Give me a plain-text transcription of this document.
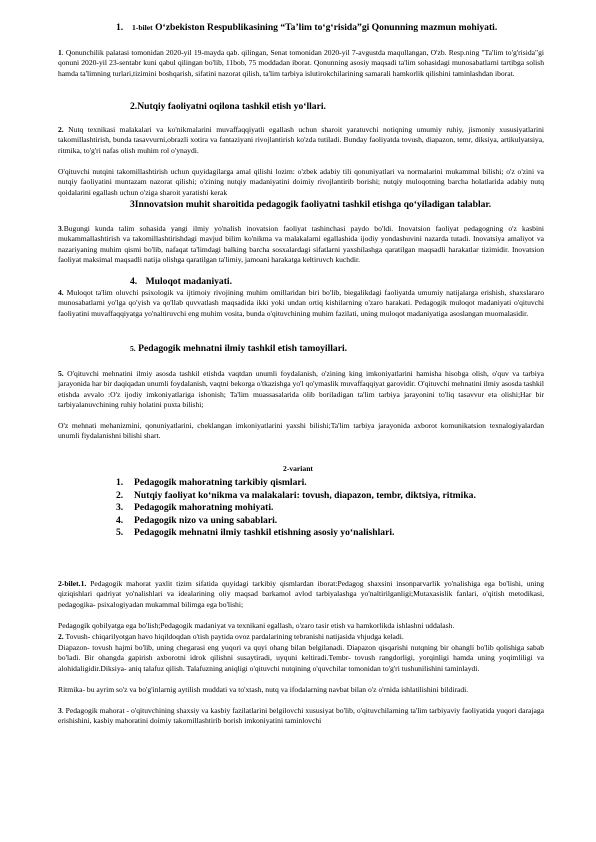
1.	1-bilet O‘zbekiston Respublikasining “Ta’lim to‘g‘risida”gi Qonunning mazmun mohiyati.

1. Qonunchilik palatasi tomonidan 2020-yil 19-mayda qab. qilingan, Senat tomonidan 2020-yil 7-avgustda maqullangan, O'zb. Resp.ning "Ta'lim to'g'risida"gi qonuni 2020-yil 23-sentabr kuni qabul qilingan bo'lib, 11bob, 75 moddadan iborat. Qonunning asosiy maqsadi ta'lim sohasidagi munosabatlarni tartibga solish hamda ta'limning turlari,tizimini boshqarish, sifatini nazorat qilish, ta'lim tarbiya islutirokchilarining samarali hamkorlik qilishini taminlashdan iborat.

2.Nutqiy faoliyatni oqilona tashkil etish yo‘llari.

2. Nutq texnikasi malakalari va ko'nikmalarini muvaffaqqiyatli egallash uchun sharoit yaratuvchi notiqning umumiy ruhiy, jismoniy xususiyatlarini takomillashtirish, bunda tasavvurni,obrazli xotira va fantaziyani rivojlantirish ko'zda tutiladi. Bunday faoliyatda tovush, diapazon, temr, diksiya, artikulyatsiya, ritmika, to'g'ri nafas olish muhim rol o'ynaydi.

O'qituvchi nutqini takomillashtirish uchun quyidagilarga amal qilishi lozim: o'zbek adabiy tili qonuniyatlari va normalarini mukammal bilishi; o'z o'zini va nutqiy faoliyatini muntazam nazorat qilishi; o'zining nutqiy madaniyatini doimiy rivojlantirib borishi; nutqiy muloqotning barcha holatlarida adabiy nutq qoidalarini egallash uchun o'ziga sharoit yaratishi kerak

3Innovatsion muhit sharoitida pedagogik faoliyatni tashkil etishga qo‘yiladigan talablar.

3.Bugungi kunda talim sohasida yangi ilmiy yo'nalish inovatsion faoliyat tashinchasi paydo bo'ldi. Inovatsion faoliyat pedagogning o'z kasbini mukammallashtirish va takomillashtirishdagi mavjud bilim ko'nikma va malakalarni egallashida ijodiy yondashuvini nazarda tutadi. Inovatsiya amaliyot va nazariyaning muhim qismi bo'lib, nafaqat ta'limdagi balking barcha sosxalardagi sifatlarni yaxshilashga qaratilgan maqsadli harakatlar tizimidir. Inovatsion faoliyat maksimal maqsadli natija olishga qaratilgan ta'limiy, jamoani harakatga keltiruvch kuchdir.

4. Muloqot madaniyati.

4. Muloqot ta'lim oluvchi psixologik va ijtimoiy rivojining muhim omillaridan biri bo'lib, biegalikdagi faoliyatda umumiy natijalarga erishish, shaxslararo munosabatlarni yo'lga qo'yish va qo'llab quvvatlash maqsadida ikki yoki undan ortiq kishilarning o'zaro harakati. Pedagogik muloqot madaniyati o'qituvchi faoliyatini muvaffaqqiyatga yo'naltiruvchi eng muhim vosita, bunda o'qituvchining muhim fazilati, uning muloqot madaniyatiga asoslangan muomalasidir.

5. Pedagogik mehnatni ilmiy tashkil etish tamoyillari.

5. O'qituvchi mehnatini ilmiy asosda tashkil etishda vaqtdan unumli foydalanish, o'zining king imkoniyatlarini hamisha hisobga olish, o'quv va tarbiya jarayonida har bir daqiqadan unumli foydalanish, vaqtni bekorga o'tkazishga yo'l qo'ymaslik muvaffaqqiyat garovidir. O'qituvchi mehnatini ilmiy asosda tashkil etishda avvalo :O'z ijodiy imkoniyatlariga ishonish; Ta'lim muassasalarida olib boriladigan ta'lim tarbiya jarayonini to'liq tasavvur eta olishi;Har bir tarbiyalanuvchining ruhiy holatini puxta bilishi;

O'z mehnati mehanizmini, qonuniyatlarini, cheklangan imkoniyatlarini yaxshi bilishi;Ta'lim tarbiya jarayonida axborot komunikatsion texnalogiyalardan unumli fiydalanishni bilishi shart.

2-variant
1. Pedagogik mahoratning tarkibiy qismlari.
2. Nutqiy faoliyat ko‘nikma va malakalari: tovush, diapazon, tembr, diktsiya, ritmika.
3. Pedagogik mahoratning mohiyati.
4. Pedagogik nizo va uning sabablari.
5. Pedagogik mehnatni ilmiy tashkil etishning asosiy yo‘nalishlari.

2-bilet.1. Pedagogik mahorat yaxlit tizim sifatida quyidagi tarkibiy qismlardan iborat:Pedagog shaxsini insonparvarlik yo'nalishiga ega bo'lishi, uning qiziqishlari qadriyat yo'nalishlari va idealarining oliy maqsad barkamol avlod tarbiyalashga yo'naltirilganligi;Mutaxasislik fanlari, o'qitish metodikasi, pedagogika- psixalogiyadan mukammal bilimga ega bo'lishi;

Pedagogik qobilyatga ega bo'lish;Pedagogik madaniyat va texnikani egallash, o'zaro tasir etish va hamkorlikda ishlashni uddalash.

2. Tovush- chiqarilyotgan havo hiqildoqdan o'tish paytida ovoz pardalarining tebranishi natijasida vhjudga keladi.

Diapazon- tovush hajmi bo'lib, uning chegarasi eng yuqori va quyi ohang bilan belgilanadi. Diapazon qisqarishi nutqning bir ohangli bo'lib qolishiga sabab bo'ladi. Bir ohangda gapirish axborotni idrok qilishni susaytiradi, uyquni keltiradi.Tembr- tovush rangdorligi, yorqinligi hamda uning yoqimliligi va alohidaligidir.Diksiya- aniq talafuz qilish. Talafuzning aniqligi o'qituvchi nutqining o'quvchilar tomonidan to'g'ri tushunilishini taminlaydi.

Ritmika- bu ayrim so'z va bo'g'inlarnig aytilish muddati va to'xtash, nutq va ifodalarning navbat bilan o'z o'rnida ishlatilishini bildiradi.

3. Pedagogik mahorat - o'qituvchining shaxsiy va kasbiy fazilatlarini belgilovchi xususiyat bo'lib, o'qituvchilarning ta'lim tarbiyaviy faoliyatida yuqori darajaga erishishini, kasbiy mahoratini doimiy takomillashtirib borish imkoniyatini taminlovchi
